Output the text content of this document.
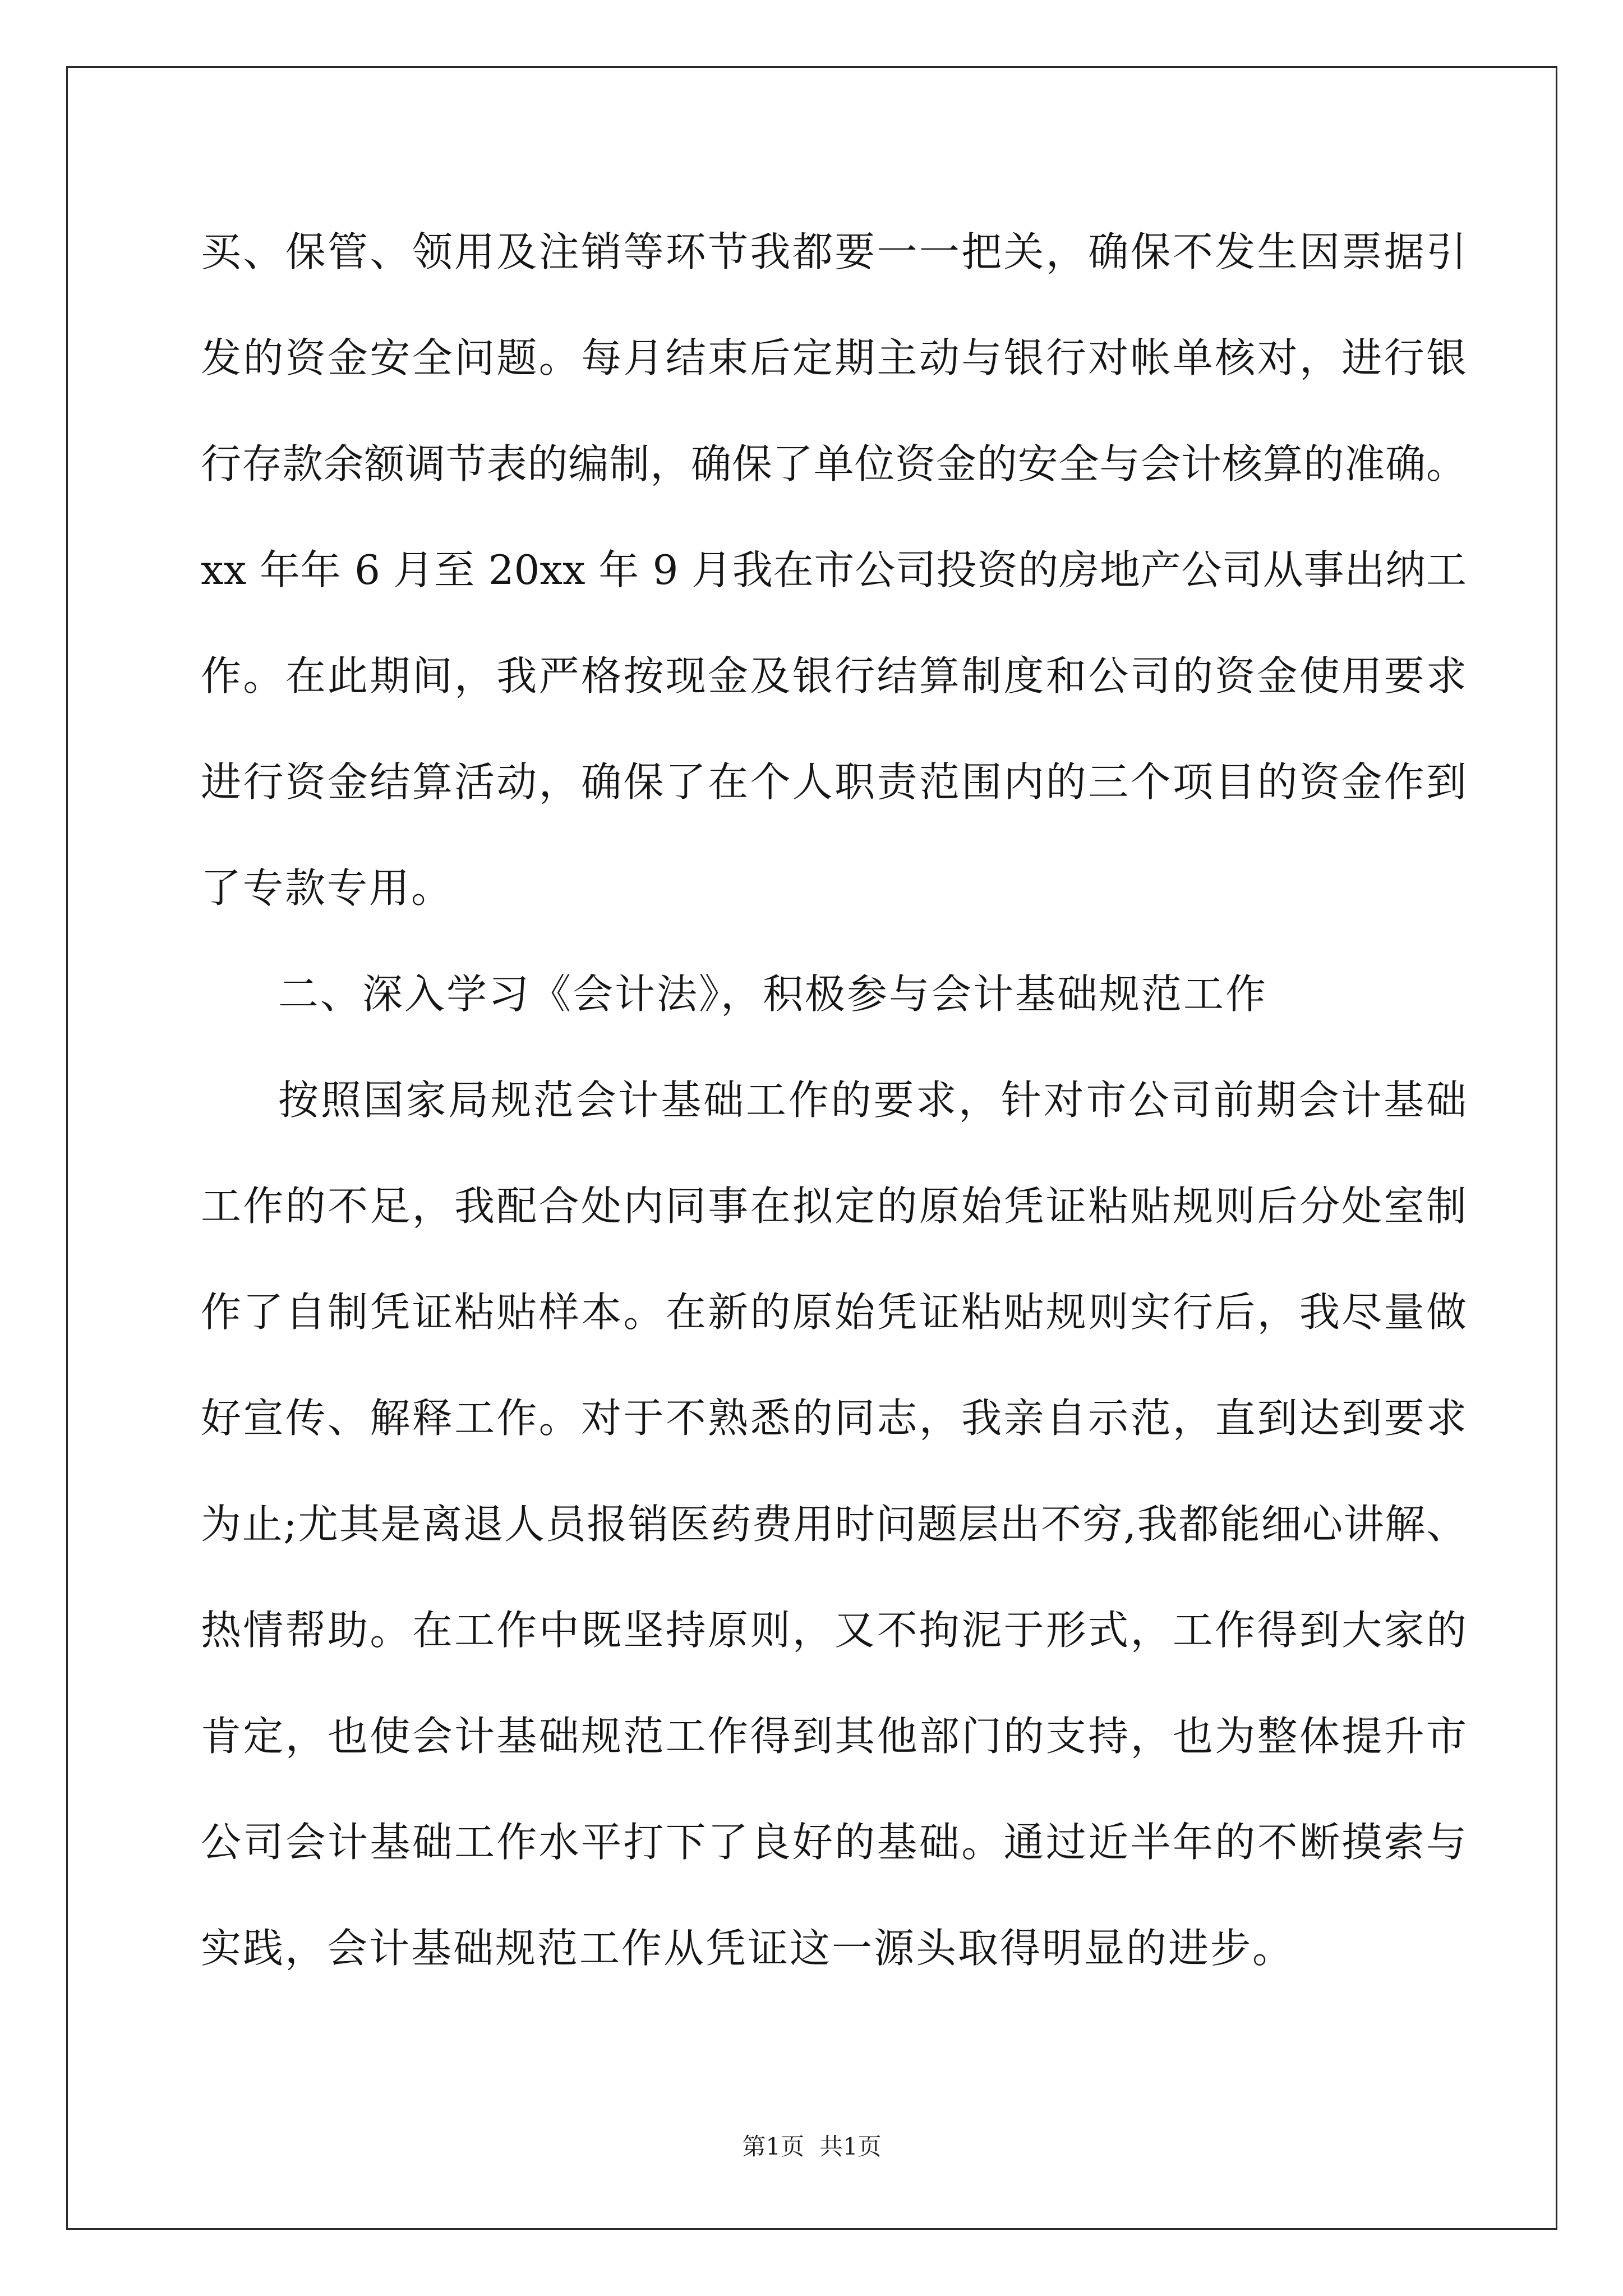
买、保管、领用及注销等环节我都要一一把关，确保不发生因票据引
发的资金安全问题。每月结束后定期主动与银行对帐单核对，进行银
行存款余额调节表的编制，确保了单位资金的安全与会计核算的准确。
xx 年年 6 月至 20xx 年 9 月我在市公司投资的房地产公司从事出纳工
作。在此期间，我严格按现金及银行结算制度和公司的资金使用要求
进行资金结算活动，确保了在个人职责范围内的三个项目的资金作到
了专款专用。
二、深入学习《会计法》，积极参与会计基础规范工作
按照国家局规范会计基础工作的要求，针对市公司前期会计基础
工作的不足，我配合处内同事在拟定的原始凭证粘贴规则后分处室制
作了自制凭证粘贴样本。在新的原始凭证粘贴规则实行后，我尽量做
好宣传、解释工作。对于不熟悉的同志，我亲自示范，直到达到要求
为止;尤其是离退人员报销医药费用时问题层出不穷,我都能细心讲解、
热情帮助。在工作中既坚持原则，又不拘泥于形式，工作得到大家的
肯定，也使会计基础规范工作得到其他部门的支持，也为整体提升市
公司会计基础工作水平打下了良好的基础。通过近半年的不断摸索与
实践，会计基础规范工作从凭证这一源头取得明显的进步。
第1页  共1页
